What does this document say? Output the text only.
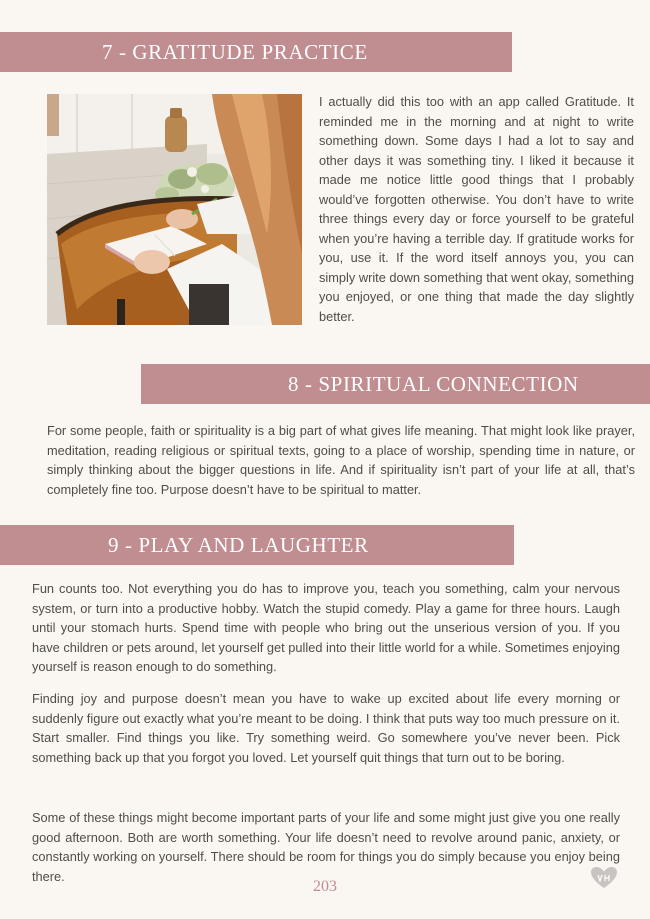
7 - GRATITUDE PRACTICE

I actually did this too with an app called Gratitude. It reminded me in the morning and at night to write something down. Some days I had a lot to say and other days it was something tiny. I liked it because it made me notice little good things that I probably would’ve forgotten otherwise. You don’t have to write three things every day or force yourself to be grateful when you’re having a terrible day. If gratitude works for you, use it. If the word itself annoys you, you can simply write down something that went okay, something you enjoyed, or one thing that made the day slightly better.

8 - SPIRITUAL CONNECTION

For some people, faith or spirituality is a big part of what gives life meaning. That might look like prayer, meditation, reading religious or spiritual texts, going to a place of worship, spending time in nature, or simply thinking about the bigger questions in life. And if spirituality isn’t part of your life at all, that’s completely fine too. Purpose doesn’t have to be spiritual to matter.

9 - PLAY AND LAUGHTER

Fun counts too. Not everything you do has to improve you, teach you something, calm your nervous system, or turn into a productive hobby. Watch the stupid comedy. Play a game for three hours. Laugh until your stomach hurts. Spend time with people who bring out the unserious version of you. If you have children or pets around, let yourself get pulled into their little world for a while. Sometimes enjoying yourself is reason enough to do something.

Finding joy and purpose doesn’t mean you have to wake up excited about life every morning or suddenly figure out exactly what you’re meant to be doing. I think that puts way too much pressure on it. Start smaller. Find things you like. Try something weird. Go somewhere you’ve never been. Pick something back up that you forgot you loved. Let yourself quit things that turn out to be boring.

Some of these things might become important parts of your life and some might just give you one really good afternoon. Both are worth something. Your life doesn’t need to revolve around panic, anxiety, or constantly working on yourself. There should be room for things you do simply because you enjoy being there.

203
